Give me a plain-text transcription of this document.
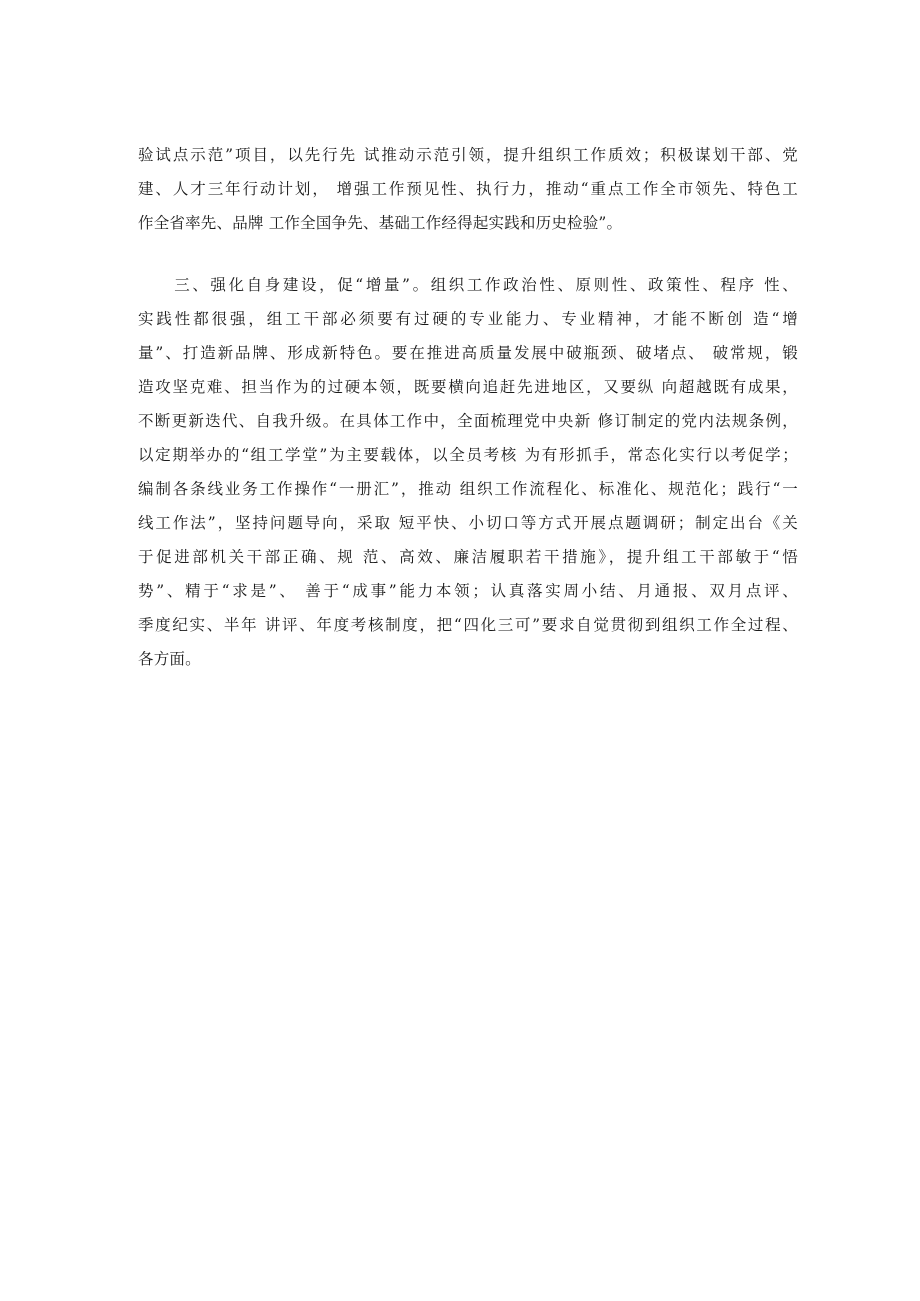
验试点示范”项目，以先行先 试推动示范引领，提升组织工作质效；积极谋划干部、党
建、人才三年行动计划， 增强工作预见性、执行力，推动“重点工作全市领先、特色工
作全省率先、品牌 工作全国争先、基础工作经得起实践和历史检验”。
　　三、强化自身建设，促“增量”。组织工作政治性、原则性、政策性、程序 性、
实践性都很强，组工干部必须要有过硬的专业能力、专业精神，才能不断创 造“增
量”、打造新品牌、形成新特色。要在推进高质量发展中破瓶颈、破堵点、 破常规，锻
造攻坚克难、担当作为的过硬本领，既要横向追赶先进地区，又要纵 向超越既有成果，
不断更新迭代、自我升级。在具体工作中，全面梳理党中央新 修订制定的党内法规条例，
以定期举办的“组工学堂”为主要载体，以全员考核 为有形抓手，常态化实行以考促学；
编制各条线业务工作操作“一册汇”，推动 组织工作流程化、标准化、规范化；践行“一
线工作法”，坚持问题导向，采取 短平快、小切口等方式开展点题调研；制定出台《关
于促进部机关干部正确、规 范、高效、廉洁履职若干措施》，提升组工干部敏于“悟
势”、精于“求是”、 善于“成事”能力本领；认真落实周小结、月通报、双月点评、
季度纪实、半年 讲评、年度考核制度，把“四化三可”要求自觉贯彻到组织工作全过程、
各方面。
